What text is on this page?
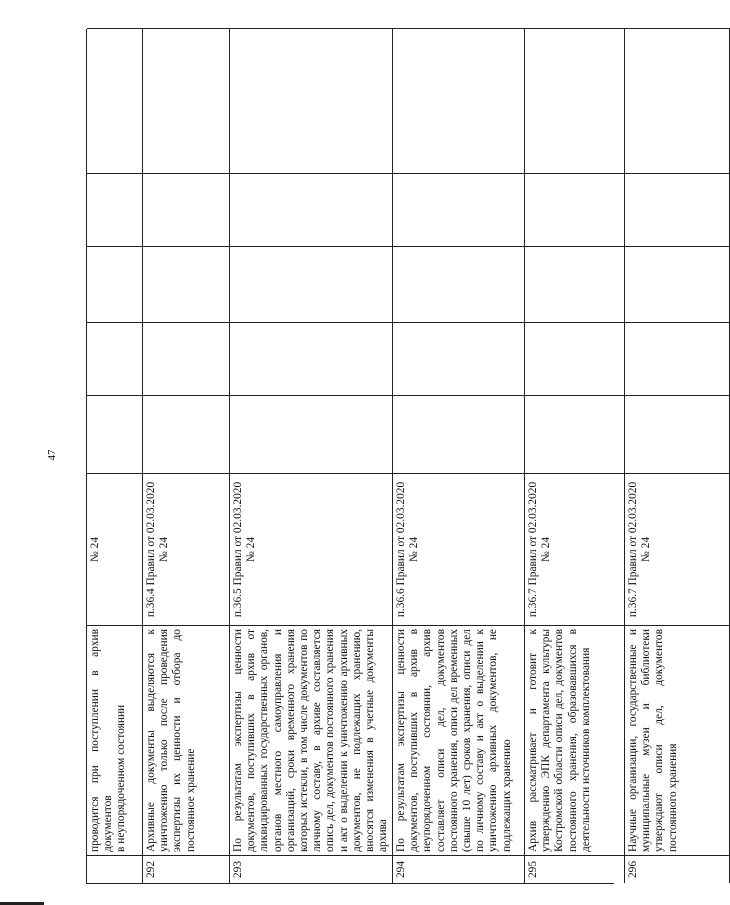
47
проводится при поступлении в архив документов
в неупорядоченном состоянии
№ 24
292
Архивные документы выделяются к уничтожению только после проведения экспертизы их ценности и отбора до постоянное хранение
п.36.4 Правил от 02.03.2020
№ 24
293
По результатам экспертизы ценности документов, поступивших в архив от ликвидированных государственных органов, органов местного самоуправления и организаций, сроки временного хранения которых истекли, в том числе документов по личному составу, в архиве составляется опись дел, документов постоянного хранения и акт о выделении к уничтожению архивных документов, не подлежащих хранению, вносятся изменения в учетные документы архива
п.36.5 Правил от 02.03.2020
№ 24
294
По результатам экспертизы ценности документов, поступивших в архив в неупорядоченном состоянии, архив составляет описи дел, документов постоянного хранения, описи дел временных (свыше 10 лет) сроков хранения, описи дел по личному составу и акт о выделении к уничтожению архивных документов, не подлежащих хранению
п.36.6 Правил от 02.03.2020
№ 24
295
Архив рассматривает и готовит к утверждению ЭПК департамента культуры Костромской области описи дел, документов постоянного хранения, образовавшихся в деятельности источников комплектования
п.36.7 Правил от 02.03.2020
№ 24
296
Научные организации, государственные и муниципальные музеи и библиотеки утверждают описи дел, документов постоянного хранения
п.36.7 Правил от 02.03.2020
№ 24
